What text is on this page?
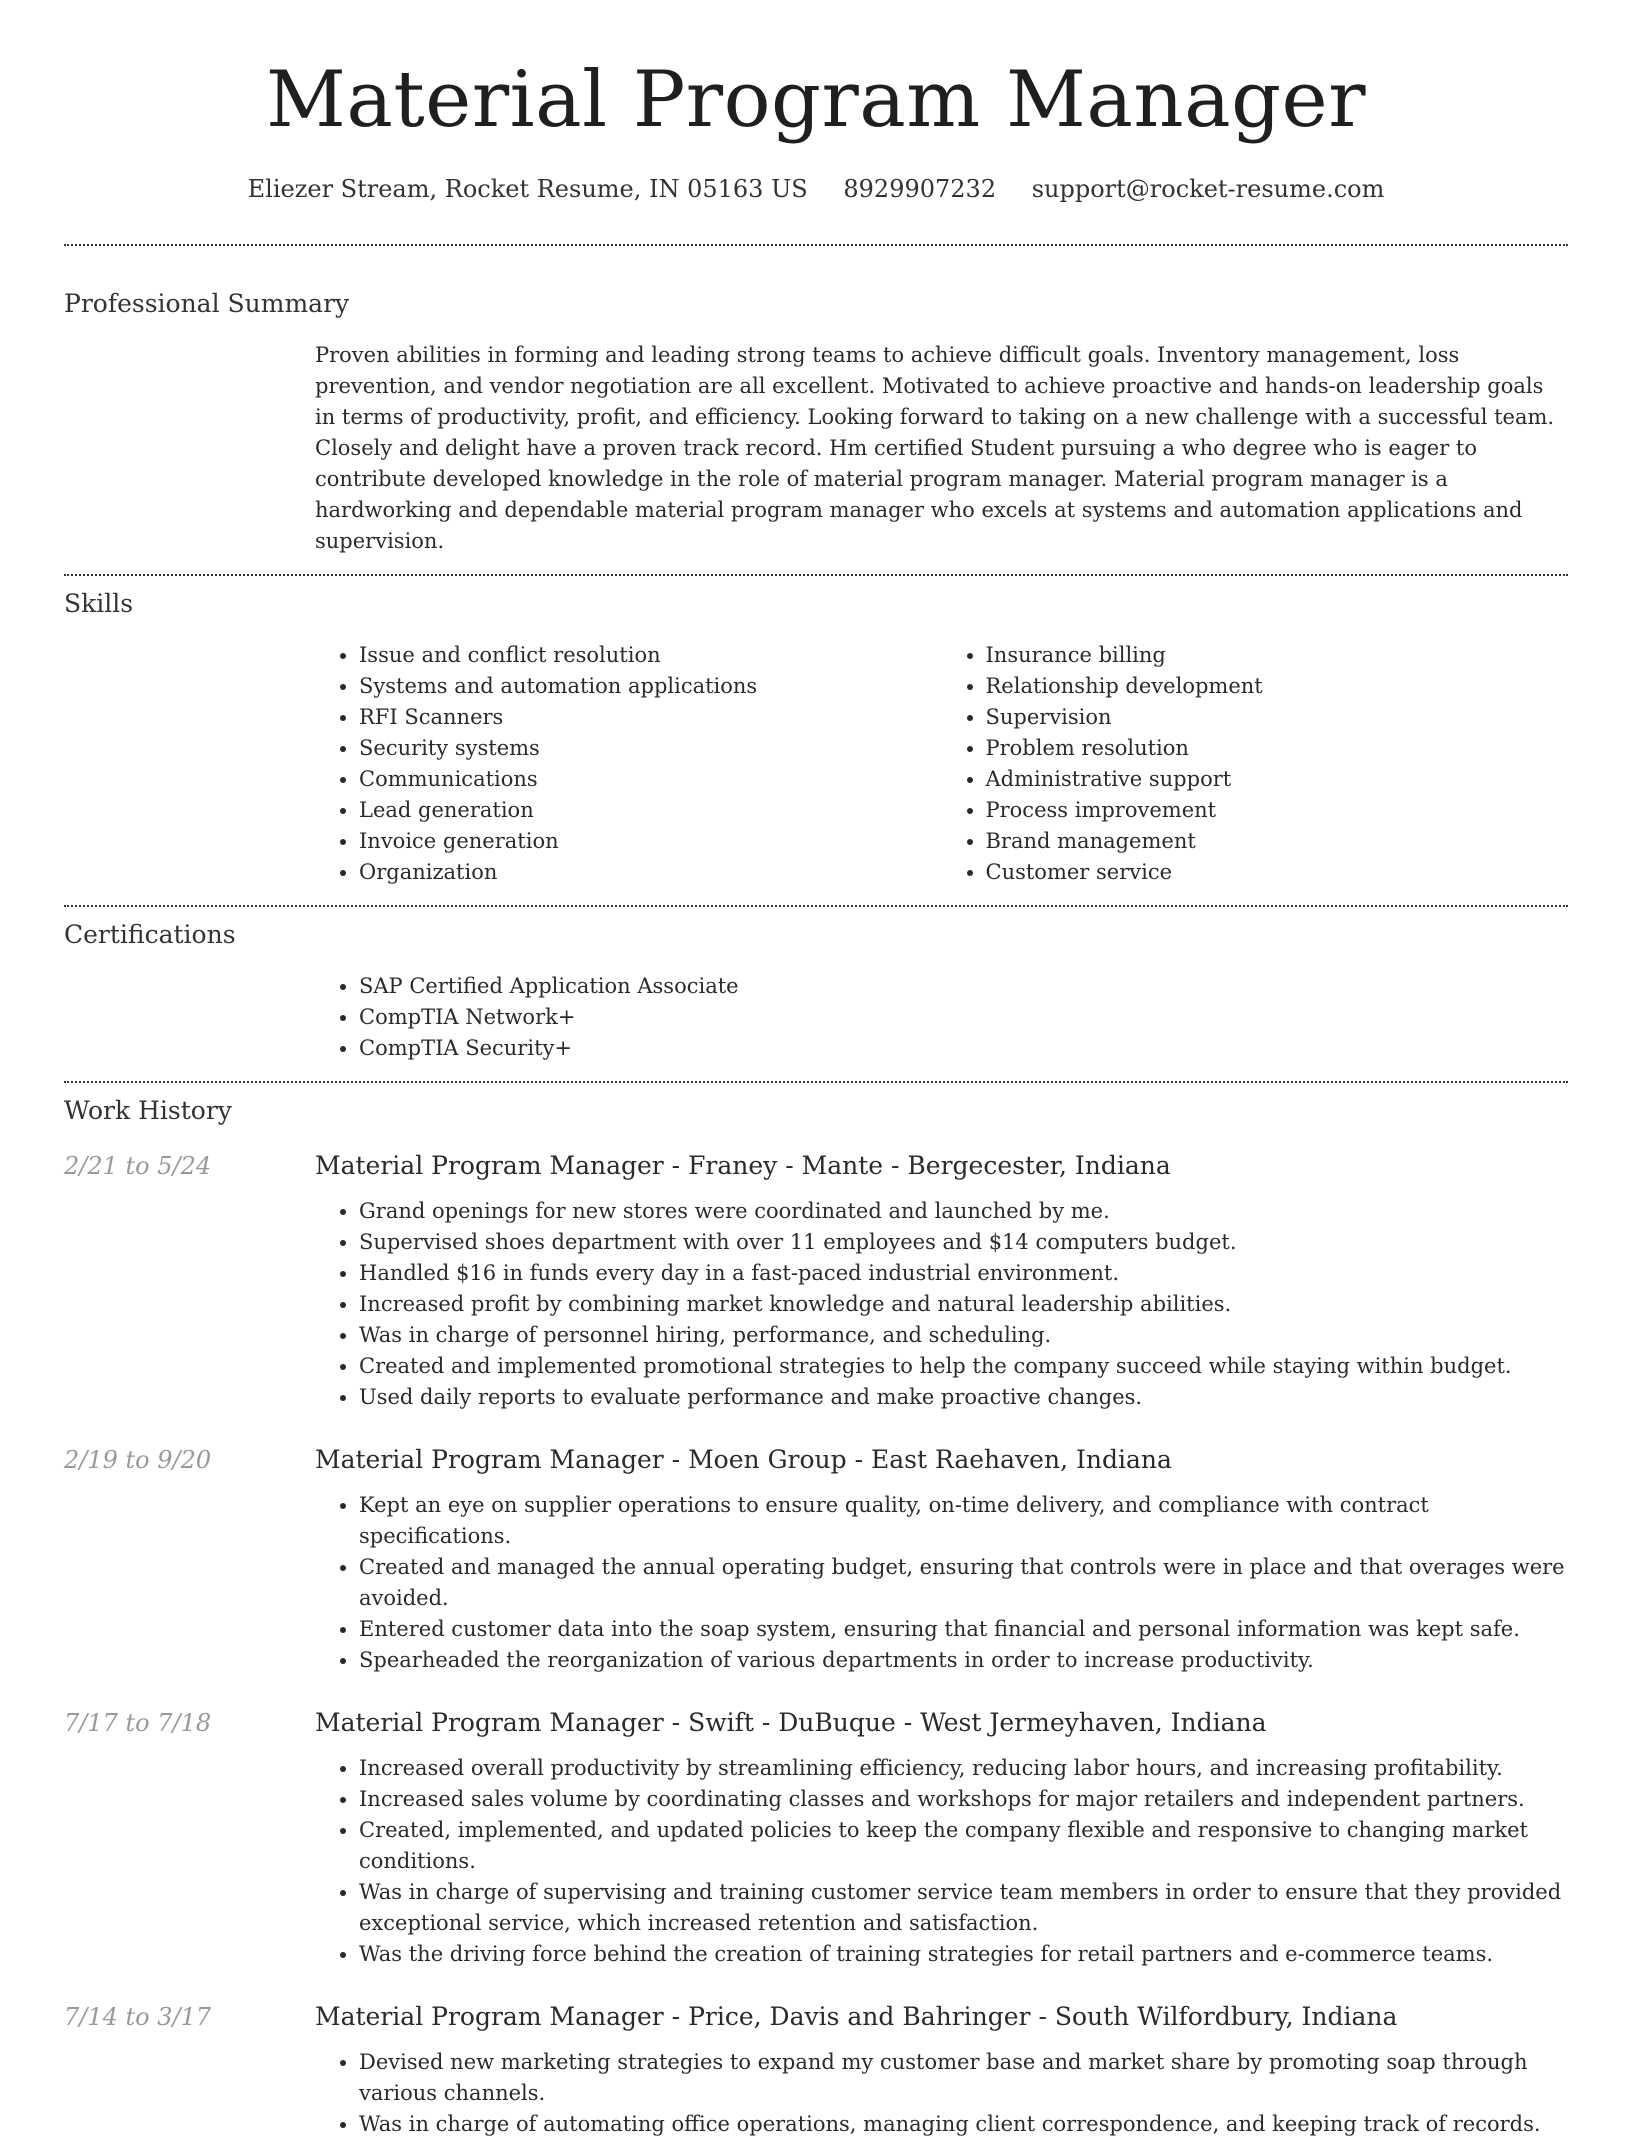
Material Program Manager
Eliezer Stream, Rocket Resume, IN 05163 US 8929907232 support@rocket-resume.com
Professional Summary
Proven abilities in forming and leading strong teams to achieve difficult goals. Inventory management, loss prevention, and vendor negotiation are all excellent. Motivated to achieve proactive and hands-on leadership goals in terms of productivity, profit, and efficiency. Looking forward to taking on a new challenge with a successful team. Closely and delight have a proven track record. Hm certified Student pursuing a who degree who is eager to contribute developed knowledge in the role of material program manager. Material program manager is a hardworking and dependable material program manager who excels at systems and automation applications and supervision.
Skills
• Issue and conflict resolution
• Systems and automation applications
• RFI Scanners
• Security systems
• Communications
• Lead generation
• Invoice generation
• Organization
• Insurance billing
• Relationship development
• Supervision
• Problem resolution
• Administrative support
• Process improvement
• Brand management
• Customer service
Certifications
• SAP Certified Application Associate
• CompTIA Network+
• CompTIA Security+
Work History
2/21 to 5/24	Material Program Manager - Franey - Mante - Bergecester, Indiana
• Grand openings for new stores were coordinated and launched by me.
• Supervised shoes department with over 11 employees and $14 computers budget.
• Handled $16 in funds every day in a fast-paced industrial environment.
• Increased profit by combining market knowledge and natural leadership abilities.
• Was in charge of personnel hiring, performance, and scheduling.
• Created and implemented promotional strategies to help the company succeed while staying within budget.
• Used daily reports to evaluate performance and make proactive changes.
2/19 to 9/20	Material Program Manager - Moen Group - East Raehaven, Indiana
• Kept an eye on supplier operations to ensure quality, on-time delivery, and compliance with contract specifications.
• Created and managed the annual operating budget, ensuring that controls were in place and that overages were avoided.
• Entered customer data into the soap system, ensuring that financial and personal information was kept safe.
• Spearheaded the reorganization of various departments in order to increase productivity.
7/17 to 7/18	Material Program Manager - Swift - DuBuque - West Jermeyhaven, Indiana
• Increased overall productivity by streamlining efficiency, reducing labor hours, and increasing profitability.
• Increased sales volume by coordinating classes and workshops for major retailers and independent partners.
• Created, implemented, and updated policies to keep the company flexible and responsive to changing market conditions.
• Was in charge of supervising and training customer service team members in order to ensure that they provided exceptional service, which increased retention and satisfaction.
• Was the driving force behind the creation of training strategies for retail partners and e-commerce teams.
7/14 to 3/17	Material Program Manager - Price, Davis and Bahringer - South Wilfordbury, Indiana
• Devised new marketing strategies to expand my customer base and market share by promoting soap through various channels.
• Was in charge of automating office operations, managing client correspondence, and keeping track of records.
